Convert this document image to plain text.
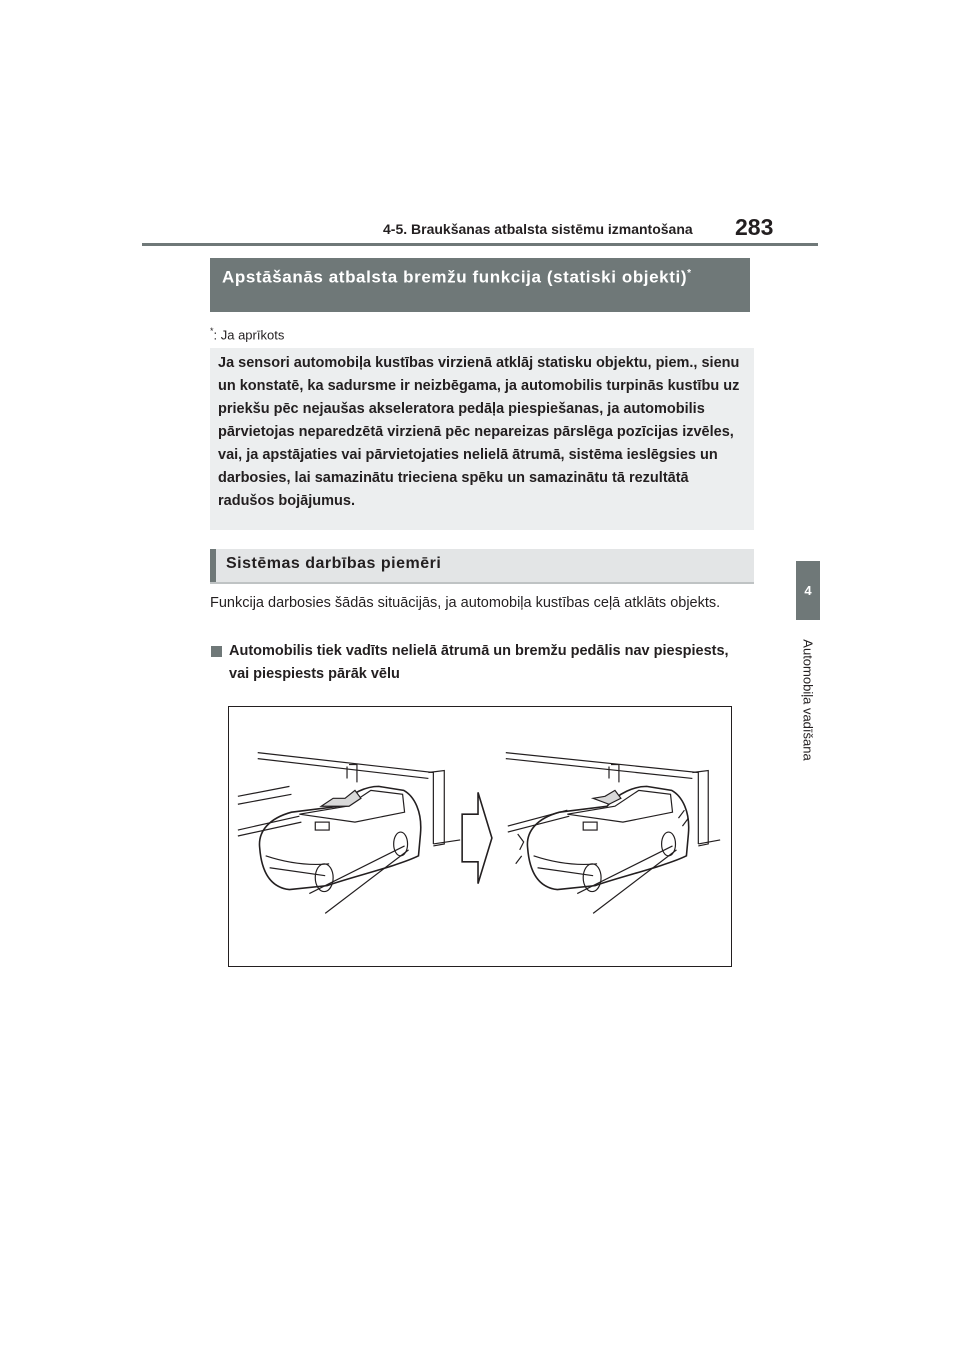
4-5. Braukšanas atbalsta sistēmu izmantošana 283
4
Automobiļa vadīšana
Apstāšanās atbalsta bremžu funkcija (statiski objekti)*
*: Ja aprīkots
Ja sensori automobiļa kustības virzienā atklāj statisku objektu, piem., sienu un konstatē, ka sadursme ir neizbēgama, ja automobilis turpinās kustību uz priekšu pēc nejaušas akseleratora pedāļa piespiešanas, ja automobilis pārvietojas neparedzētā virzienā pēc nepareizas pārslēga pozīcijas izvēles, vai, ja apstājaties vai pārvietojaties nelielā ātrumā, sistēma ieslēgsies un darbosies, lai samazinātu trieciena spēku un samazinātu tā rezultātā radušos bojājumus.
Sistēmas darbības piemēri
Funkcija darbosies šādās situācijās, ja automobiļa kustības ceļā atklāts objekts.
Automobilis tiek vadīts nelielā ātrumā un bremžu pedālis nav piespiests, vai piespiests pārāk vēlu
